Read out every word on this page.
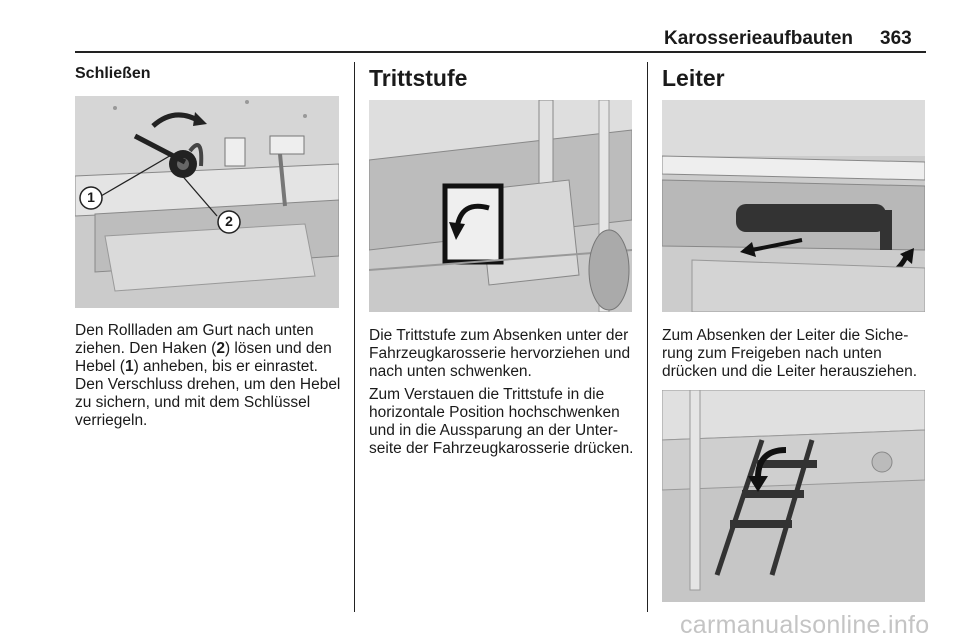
Karosserieaufbauten 363
Schließen
1
2

Den Rollladen am Gurt nach unten ziehen. Den Haken (2) lösen und den Hebel (1) anheben, bis er einrastet. Den Verschluss drehen, um den Hebel zu sichern, und mit dem Schlüssel verriegeln.

Trittstufe

Die Trittstufe zum Absenken unter der Fahrzeugkarosserie hervorziehen und nach unten schwenken.

Zum Verstauen die Trittstufe in die horizontale Position hochschwenken und in die Aussparung an der Unter- seite der Fahrzeugkarosserie drücken.

Leiter

Zum Absenken der Leiter die Siche- rung zum Freigeben nach unten drücken und die Leiter herausziehen.

carmanualsonline.info
